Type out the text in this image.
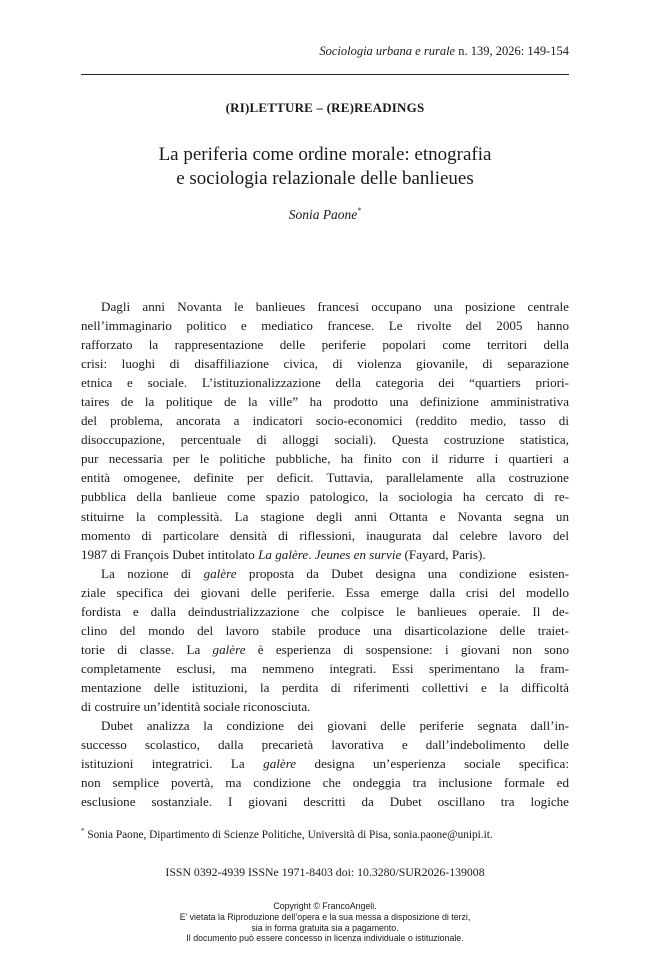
Sociologia urbana e rurale n. 139, 2026: 149-154
(RI)LETTURE – (RE)READINGS
La periferia come ordine morale: etnografia
e sociologia relazionale delle banlieues
Sonia Paone*
Dagli anni Novanta le banlieues francesi occupano una posizione centrale
nell’immaginario politico e mediatico francese. Le rivolte del 2005 hanno
rafforzato la rappresentazione delle periferie popolari come territori della
crisi: luoghi di disaffiliazione civica, di violenza giovanile, di separazione
etnica e sociale. L’istituzionalizzazione della categoria dei “quartiers priori-
taires de la politique de la ville” ha prodotto una definizione amministrativa
del problema, ancorata a indicatori socio-economici (reddito medio, tasso di
disoccupazione, percentuale di alloggi sociali). Questa costruzione statistica,
pur necessaria per le politiche pubbliche, ha finito con il ridurre i quartieri a
entità omogenee, definite per deficit. Tuttavia, parallelamente alla costruzione
pubblica della banlieue come spazio patologico, la sociologia ha cercato di re-
stituirne la complessità. La stagione degli anni Ottanta e Novanta segna un
momento di particolare densità di riflessioni, inaugurata dal celebre lavoro del
1987 di François Dubet intitolato La galère. Jeunes en survie (Fayard, Paris).
La nozione di galère proposta da Dubet designa una condizione esisten-
ziale specifica dei giovani delle periferie. Essa emerge dalla crisi del modello
fordista e dalla deindustrializzazione che colpisce le banlieues operaie. Il de-
clino del mondo del lavoro stabile produce una disarticolazione delle traiet-
torie di classe. La galère è esperienza di sospensione: i giovani non sono
completamente esclusi, ma nemmeno integrati. Essi sperimentano la fram-
mentazione delle istituzioni, la perdita di riferimenti collettivi e la difficoltà
di costruire un’identità sociale riconosciuta.
Dubet analizza la condizione dei giovani delle periferie segnata dall’in-
successo scolastico, dalla precarietà lavorativa e dall’indebolimento delle
istituzioni integratrici. La galère designa un’esperienza sociale specifica:
non semplice povertà, ma condizione che ondeggia tra inclusione formale ed
esclusione sostanziale. I giovani descritti da Dubet oscillano tra logiche
* Sonia Paone, Dipartimento di Scienze Politiche, Università di Pisa, sonia.paone@unipi.it.
ISSN 0392-4939 ISSNe 1971-8403 doi: 10.3280/SUR2026-139008
Copyright © FrancoAngeli.
E’ vietata la Riproduzione dell’opera e la sua messa a disposizione di terzi,
sia in forma gratuita sia a pagamento.
Il documento può essere concesso in licenza individuale o istituzionale.
